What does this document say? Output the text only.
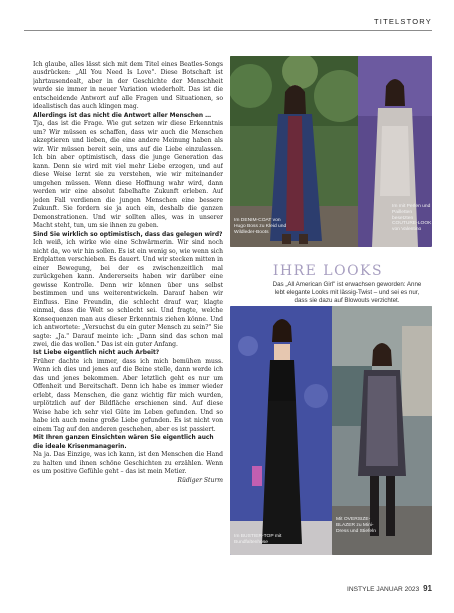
TITELSTORY

Ich glaube, alles lässt sich mit dem Titel eines Beatles-Songs ausdrücken: „All You Need Is Love". Diese Botschaft ist jahrtausendealt, aber in der Geschichte der Menschheit wurde sie immer in neuer Variation wiederholt. Das ist die entscheidende Antwort auf alle Fragen und Situationen, so idealistisch das auch klingen mag.

Allerdings ist das nicht die Antwort aller Menschen …

Tja, das ist die Frage. Wie gut setzen wir diese Erkenntnis um? Wir müssen es schaffen, dass wir auch die Menschen akzeptieren und lieben, die eine andere Meinung haben als wir. Wir müssen bereit sein, uns auf die Liebe einzulassen. Ich bin aber optimistisch, dass die junge Generation das kann. Denn sie wird mit viel mehr Liebe erzogen, und auf diese Weise lernt sie zu verstehen, wie wir miteinander umgehen müssen. Wenn diese Hoffnung wahr wird, dann werden wir eine absolut fabelhafte Zukunft erleben. Auf jeden Fall verdienen die jungen Menschen eine bessere Zukunft. Sie fordern sie ja auch ein, deshalb die ganzen Demonstrationen. Und wir sollten alles, was in unserer Macht steht, tun, um sie ihnen zu geben.

Sind Sie wirklich so optimistisch, dass das gelegen wird?

Ich weiß, ich wirke wie eine Schwärmerin. Wir sind noch nicht da, wo wir hin sollen. Es ist ein wenig so, wie wenn sich Erdplatten verschieben. Es dauert. Und wir stecken mitten in einer Bewegung, bei der es zwischenzeitlich mal zurückgehen kann. Andererseits haben wir darüber eine gewisse Kontrolle. Denn wir können über uns selbst bestimmen und uns weiterentwickeln. Darauf haben wir Einfluss. Eine Freundin, die schlecht drauf war, klagte einmal, dass die Welt so schlecht sei. Und fragte, welche Konsequenzen man aus dieser Erkenntnis ziehen könne. Und ich antwortete: „Versuchst du ein guter Mensch zu sein?" Sie sagte: „Ja." Darauf meinte ich: „Dann sind das schon mal zwei, die das wollen." Das ist ein guter Anfang.

Ist Liebe eigentlich nicht auch Arbeit?

Früher dachte ich immer, dass ich mich bemühen muss. Wenn ich dies und jenes auf die Beine stelle, dann werde ich das und jenes bekommen. Aber letztlich geht es nur um Offenheit und Bereitschaft. Denn ich habe es immer wieder erlebt, dass Menschen, die ganz wichtig für mich wurden, urplötzlich auf der Bildfläche erschienen sind. Auf diese Weise habe ich sehr viel Güte im Leben gefunden. Und so habe ich auch meine große Liebe gefunden. Es ist nicht von einem Tag auf den anderen geschehen, aber es ist passiert.

Mit Ihren ganzen Einsichten wären Sie eigentlich auch die ideale Krisenmanagerin.

Na ja. Das Einzige, was ich kann, ist den Menschen die Hand zu halten und ihnen schöne Geschichten zu erzählen. Wenn es um positive Gefühle geht – das ist mein Metier.

Rüdiger Sturm

Im DENIM-COAT von Hugo Boss zu Kleid und Wildleder-Boots
Im mit Perlen und Pailletten besetzten COUTURE-LOOK von Valentino
IHRE LOOKS
Das „All American Girl" ist erwachsen geworden: Anne lebt elegante Looks mit lässig-Twist – und sei es nur, dass sie dazu auf Blowouts verzichtet.
Im BUSTIER-TOP mit Bundfaltenhose
Mit OVERSIZE-BLAZER zu Mini-Dress und Stiefeln
INSTYLE JANUAR 2023 91
